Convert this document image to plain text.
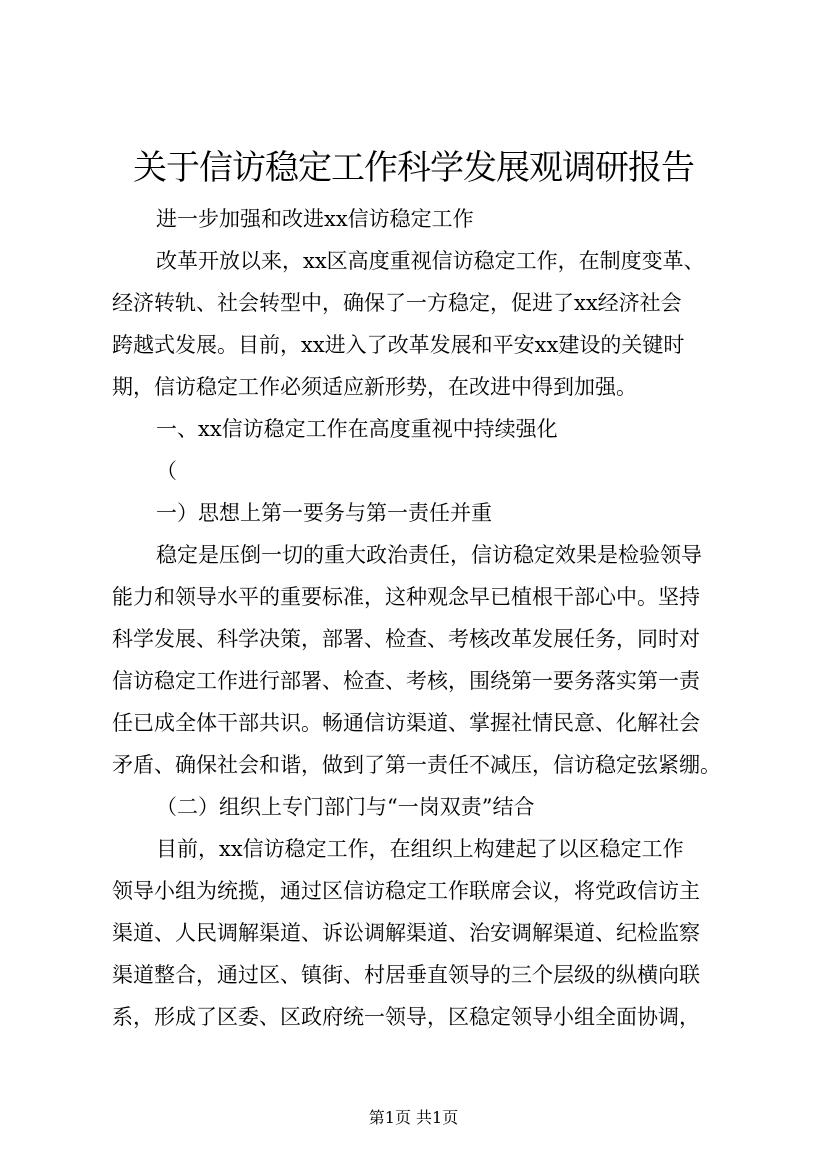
关于信访稳定工作科学发展观调研报告
进一步加强和改进xx信访稳定工作
改革开放以来，xx区高度重视信访稳定工作，在制度变革、
经济转轨、社会转型中，确保了一方稳定，促进了xx经济社会
跨越式发展。目前，xx进入了改革发展和平安xx建设的关键时
期，信访稳定工作必须适应新形势，在改进中得到加强。
一、xx信访稳定工作在高度重视中持续强化
（
一）思想上第一要务与第一责任并重
稳定是压倒一切的重大政治责任，信访稳定效果是检验领导
能力和领导水平的重要标准，这种观念早已植根干部心中。坚持
科学发展、科学决策，部署、检查、考核改革发展任务，同时对
信访稳定工作进行部署、检查、考核，围绕第一要务落实第一责
任已成全体干部共识。畅通信访渠道、掌握社情民意、化解社会
矛盾、确保社会和谐，做到了第一责任不减压，信访稳定弦紧绷。
（二）组织上专门部门与“一岗双责”结合
目前，xx信访稳定工作，在组织上构建起了以区稳定工作
领导小组为统揽，通过区信访稳定工作联席会议，将党政信访主
渠道、人民调解渠道、诉讼调解渠道、治安调解渠道、纪检监察
渠道整合，通过区、镇街、村居垂直领导的三个层级的纵横向联
系，形成了区委、区政府统一领导，区稳定领导小组全面协调，
第1页 共1页
